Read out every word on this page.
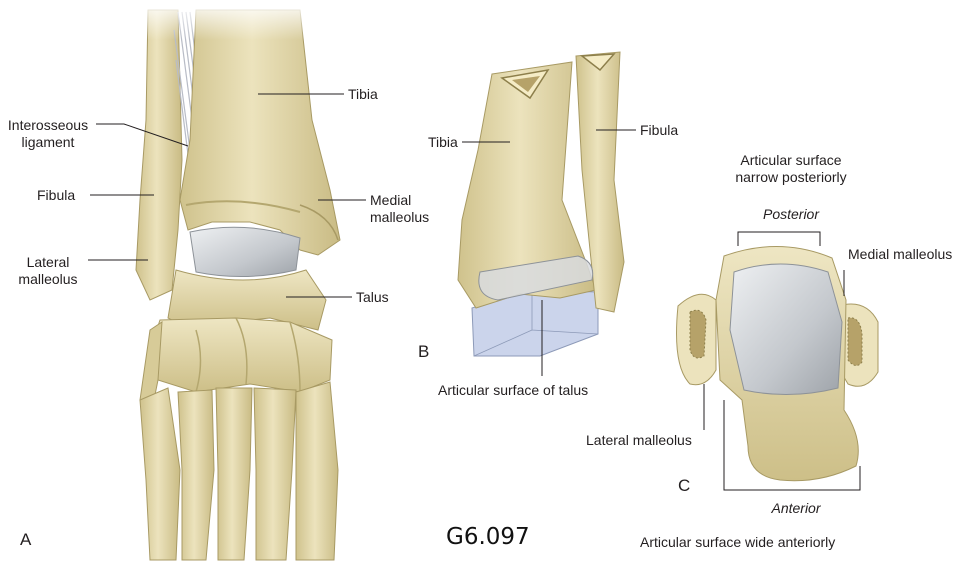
Tibia
Interosseous
ligament
Fibula	Medial
malleolus
Lateral
malleolus
Talus
A
Tibia
Fibula
B
Articular surface of talus
Articular surface
narrow posteriorly
Posterior
Medial malleolus
Lateral malleolus
C
Anterior
Articular surface wide anteriorly
G6.097
